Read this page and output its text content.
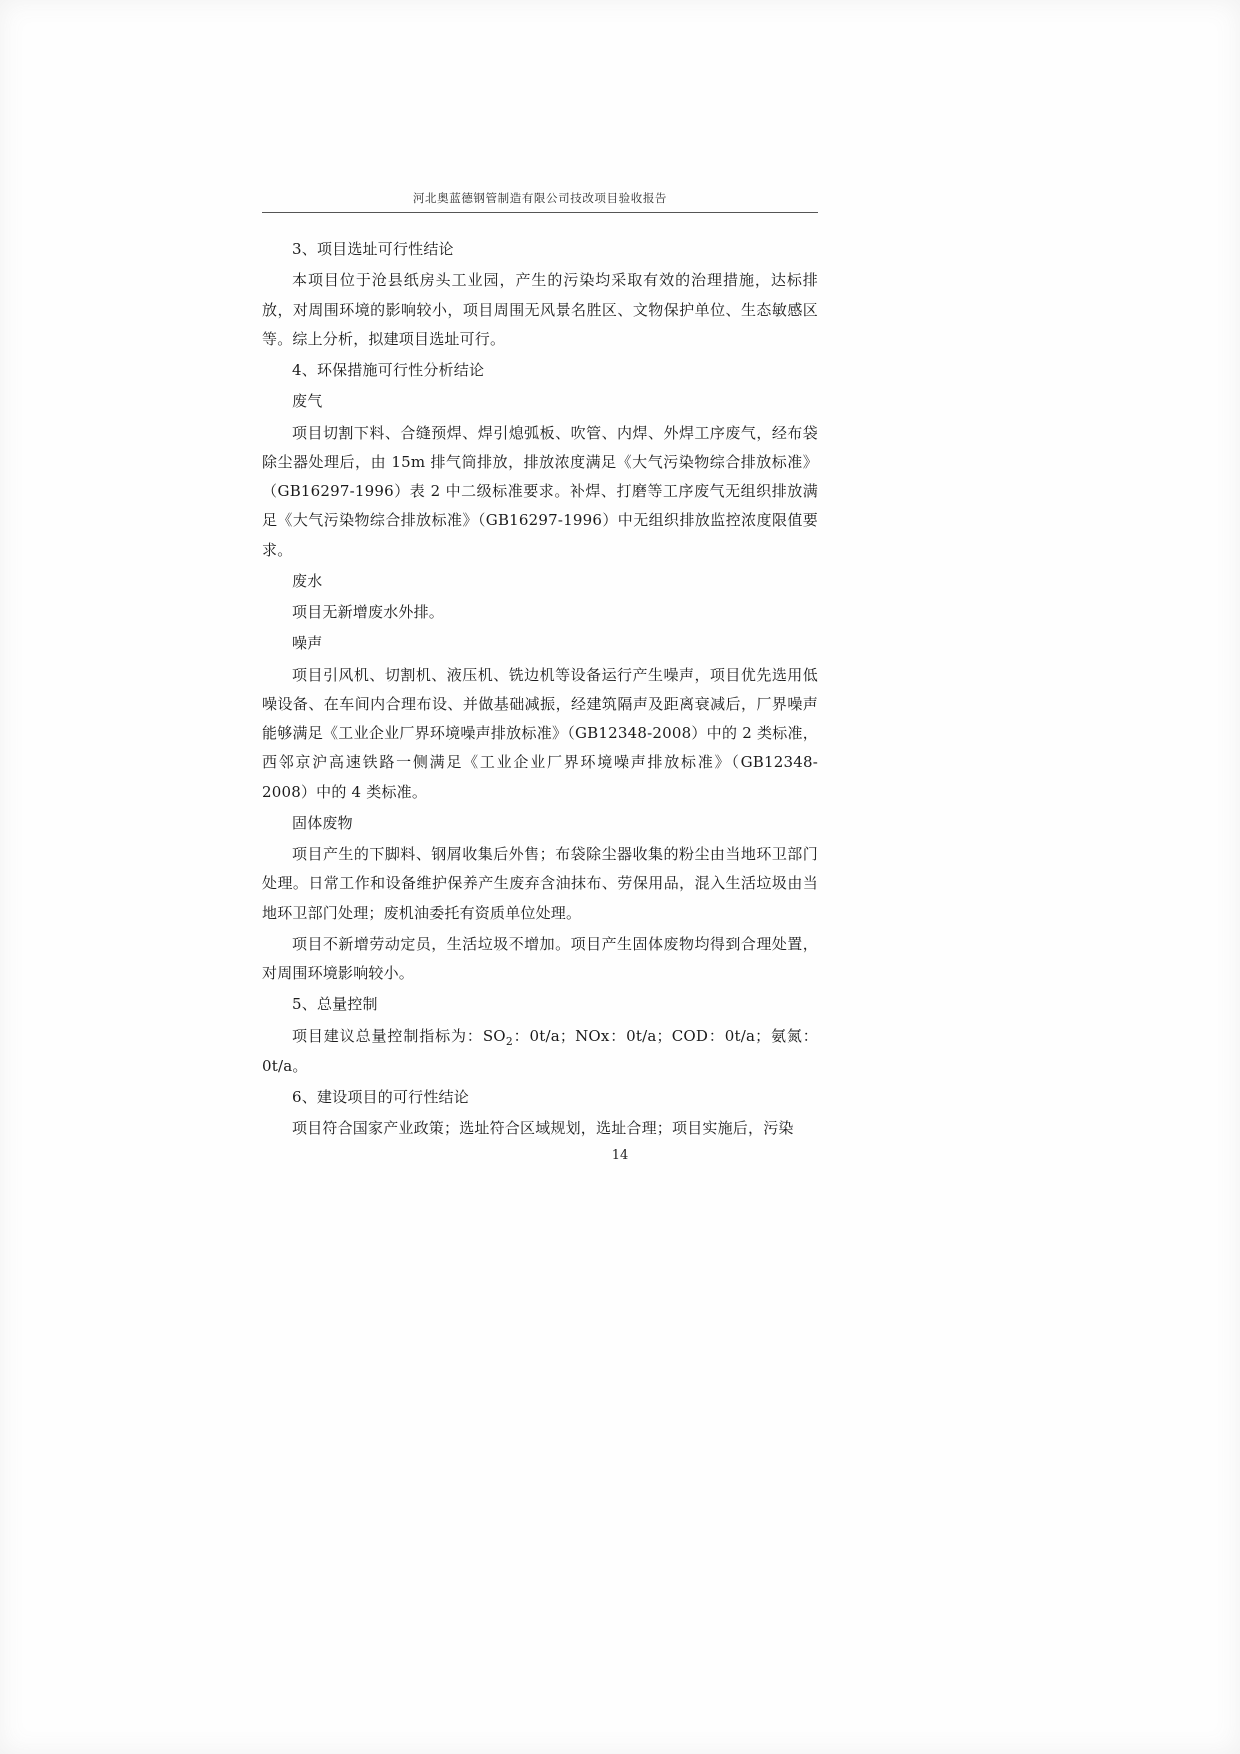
河北奥蓝德钢管制造有限公司技改项目验收报告

3、项目选址可行性结论

本项目位于沧县纸房头工业园，产生的污染均采取有效的治理措施，达标排放，对周围环境的影响较小，项目周围无风景名胜区、文物保护单位、生态敏感区等。综上分析，拟建项目选址可行。

4、环保措施可行性分析结论

废气

项目切割下料、合缝预焊、焊引熄弧板、吹管、内焊、外焊工序废气，经布袋除尘器处理后，由 15m 排气筒排放，排放浓度满足《大气污染物综合排放标准》（GB16297-1996）表 2 中二级标准要求。补焊、打磨等工序废气无组织排放满足《大气污染物综合排放标准》（GB16297-1996）中无组织排放监控浓度限值要求。

废水

项目无新增废水外排。

噪声

项目引风机、切割机、液压机、铣边机等设备运行产生噪声，项目优先选用低噪设备、在车间内合理布设、并做基础减振，经建筑隔声及距离衰减后，厂界噪声能够满足《工业企业厂界环境噪声排放标准》（GB12348-2008）中的 2 类标准，西邻京沪高速铁路一侧满足《工业企业厂界环境噪声排放标准》（GB12348-2008）中的 4 类标准。

固体废物

项目产生的下脚料、钢屑收集后外售；布袋除尘器收集的粉尘由当地环卫部门处理。日常工作和设备维护保养产生废弃含油抹布、劳保用品，混入生活垃圾由当地环卫部门处理；废机油委托有资质单位处理。

项目不新增劳动定员，生活垃圾不增加。项目产生固体废物均得到合理处置，对周围环境影响较小。

5、总量控制

项目建议总量控制指标为：$SO_2$：0t/a；NOx：0t/a；COD：0t/a；氨氮：0t/a。

6、建设项目的可行性结论

项目符合国家产业政策；选址符合区域规划，选址合理；项目实施后，污染

14
